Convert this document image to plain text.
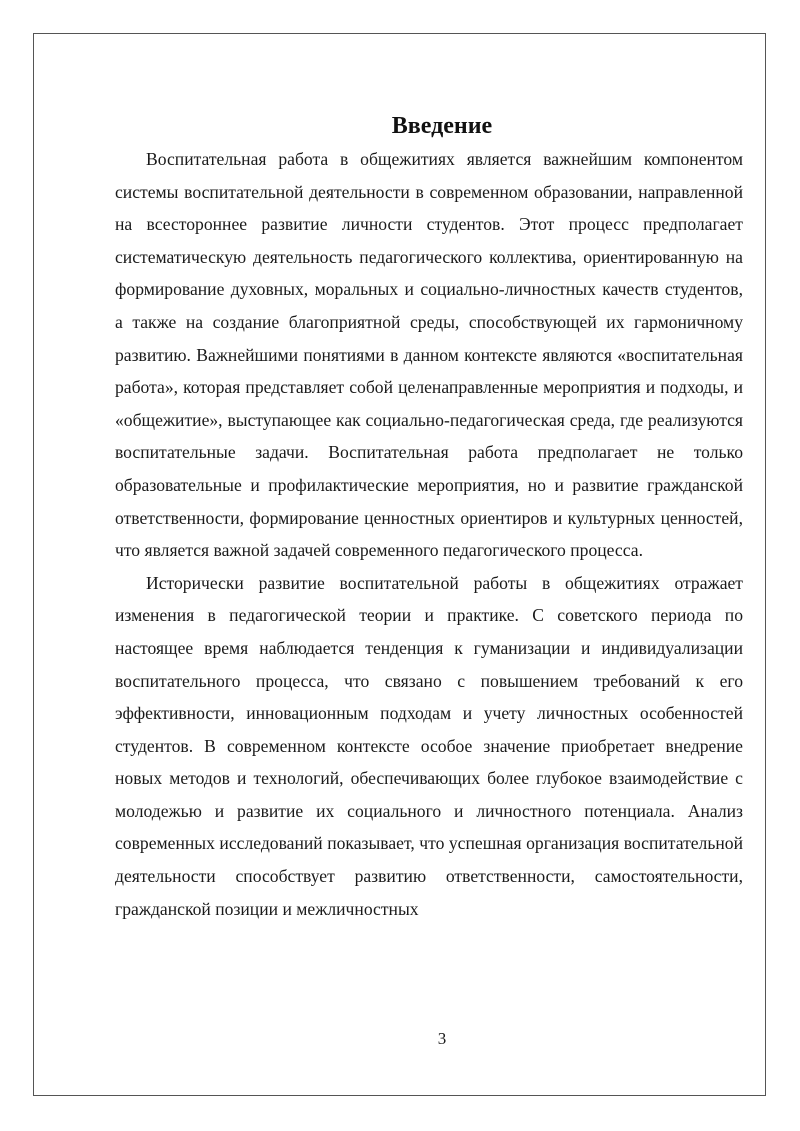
Введение

Воспитательная работа в общежитиях является важнейшим компонентом системы воспитательной деятельности в современном образовании, направленной на всестороннее развитие личности студентов. Этот процесс предполагает систематическую деятельность педагогического коллектива, ориентированную на формирование духовных, моральных и социально-личностных качеств студентов, а также на создание благоприятной среды, способствующей их гармоничному развитию. Важнейшими понятиями в данном контексте являются «воспитательная работа», которая представляет собой целенаправленные мероприятия и подходы, и «общежитие», выступающее как социально-педагогическая среда, где реализуются воспитательные задачи. Воспитательная работа предполагает не только образовательные и профилактические мероприятия, но и развитие гражданской ответственности, формирование ценностных ориентиров и культурных ценностей, что является важной задачей современного педагогического процесса.

Исторически развитие воспитательной работы в общежитиях отражает изменения в педагогической теории и практике. С советского периода по настоящее время наблюдается тенденция к гуманизации и индивидуализации воспитательного процесса, что связано с повышением требований к его эффективности, инновационным подходам и учету личностных особенностей студентов. В современном контексте особое значение приобретает внедрение новых методов и технологий, обеспечивающих более глубокое взаимодействие с молодежью и развитие их социального и личностного потенциала. Анализ современных исследований показывает, что успешная организация воспитательной деятельности способствует развитию ответственности, самостоятельности, гражданской позиции и межличностных

3
